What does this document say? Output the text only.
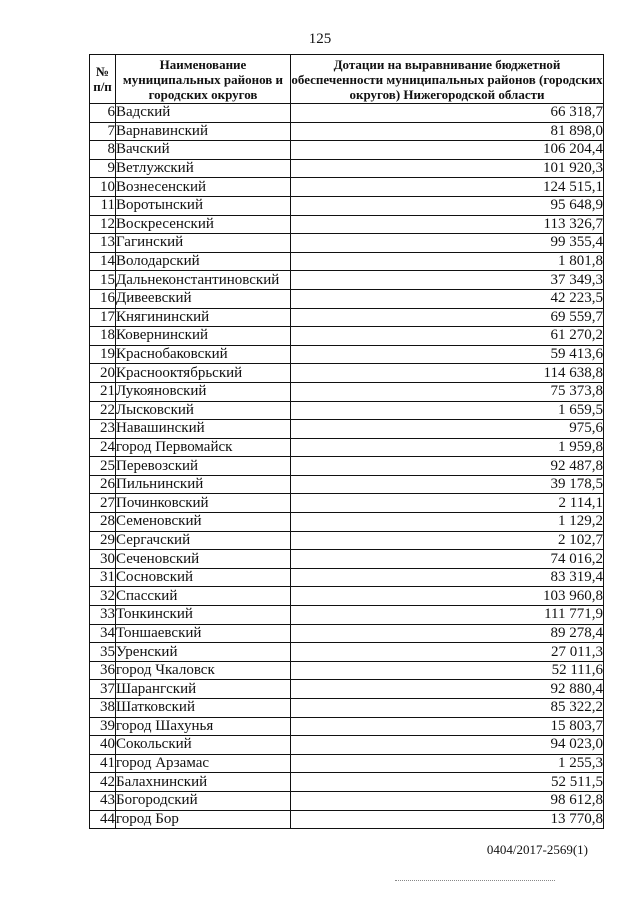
125
№ п/п	Наименование муниципальных районов и городских округов	Дотации на выравнивание бюджетной обеспеченности муниципальных районов (городских округов) Нижегородской области
6	Вадский	66 318,7
7	Варнавинский	81 898,0
8	Вачский	106 204,4
9	Ветлужский	101 920,3
10	Вознесенский	124 515,1
11	Воротынский	95 648,9
12	Воскресенский	113 326,7
13	Гагинский	99 355,4
14	Володарский	1 801,8
15	Дальнеконстантиновский	37 349,3
16	Дивеевский	42 223,5
17	Княгининский	69 559,7
18	Ковернинский	61 270,2
19	Краснобаковский	59 413,6
20	Краснооктябрьский	114 638,8
21	Лукояновский	75 373,8
22	Лысковский	1 659,5
23	Навашинский	975,6
24	город Первомайск	1 959,8
25	Перевозский	92 487,8
26	Пильнинский	39 178,5
27	Починковский	2 114,1
28	Семеновский	1 129,2
29	Сергачский	2 102,7
30	Сеченовский	74 016,2
31	Сосновский	83 319,4
32	Спасский	103 960,8
33	Тонкинский	111 771,9
34	Тоншаевский	89 278,4
35	Уренский	27 011,3
36	город Чкаловск	52 111,6
37	Шарангский	92 880,4
38	Шатковский	85 322,2
39	город Шахунья	15 803,7
40	Сокольский	94 023,0
41	город Арзамас	1 255,3
42	Балахнинский	52 511,5
43	Богородский	98 612,8
44	город Бор	13 770,8
0404/2017-2569(1)
